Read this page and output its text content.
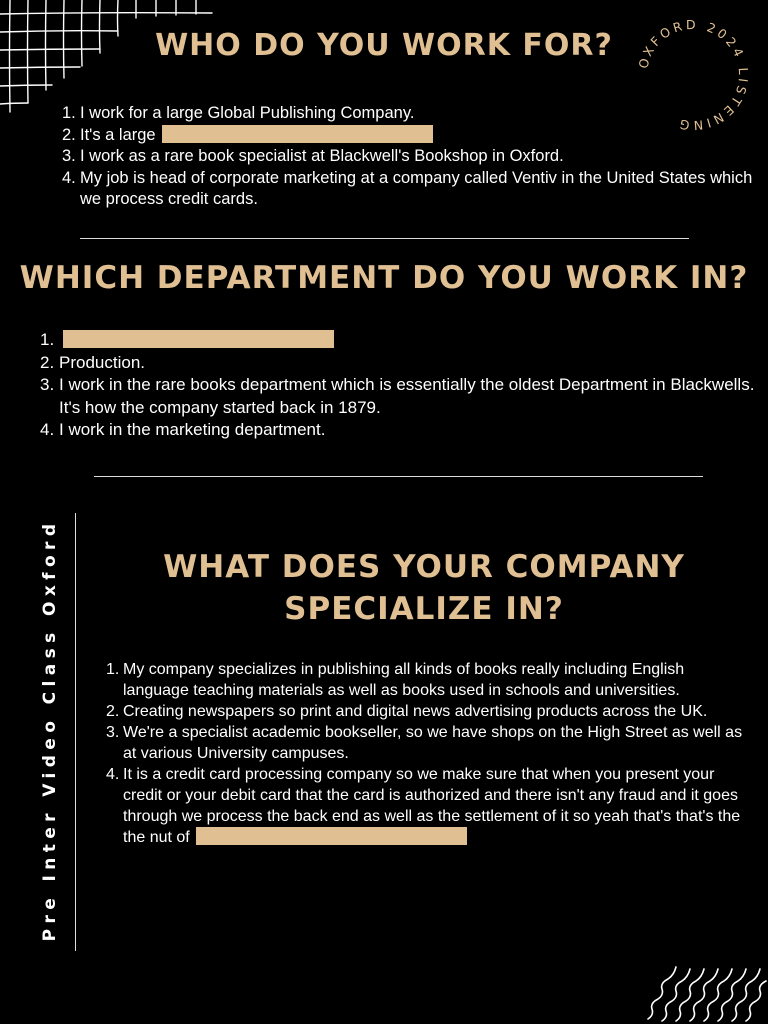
OXFORD 2024 LISTENING
WHO DO YOU WORK FOR?
1. I work for a large Global Publishing Company.
2. It's a large
3. I work as a rare book specialist at Blackwell's Bookshop in Oxford.
4. My job is head of corporate marketing at a company called Ventiv in the United States which we process credit cards.
WHICH DEPARTMENT DO YOU WORK IN?
1.
2. Production.
3. I work in the rare books department which is essentially the oldest Department in Blackwells. It's how the company started back in 1879.
4. I work in the marketing department.
Pre Inter Video Class Oxford	WHAT DOES YOUR COMPANY
SPECIALIZE IN?
1. My company specializes in publishing all kinds of books really including English language teaching materials as well as books used in schools and universities.
2. Creating newspapers so print and digital news advertising products across the UK.
3. We're a specialist academic bookseller, so we have shops on the High Street as well as at various University campuses.
4. It is a credit card processing company so we make sure that when you present your credit or your debit card that the card is authorized and there isn't any fraud and it goes through we process the back end as well as the settlement of it so yeah that's that's the the nut of
